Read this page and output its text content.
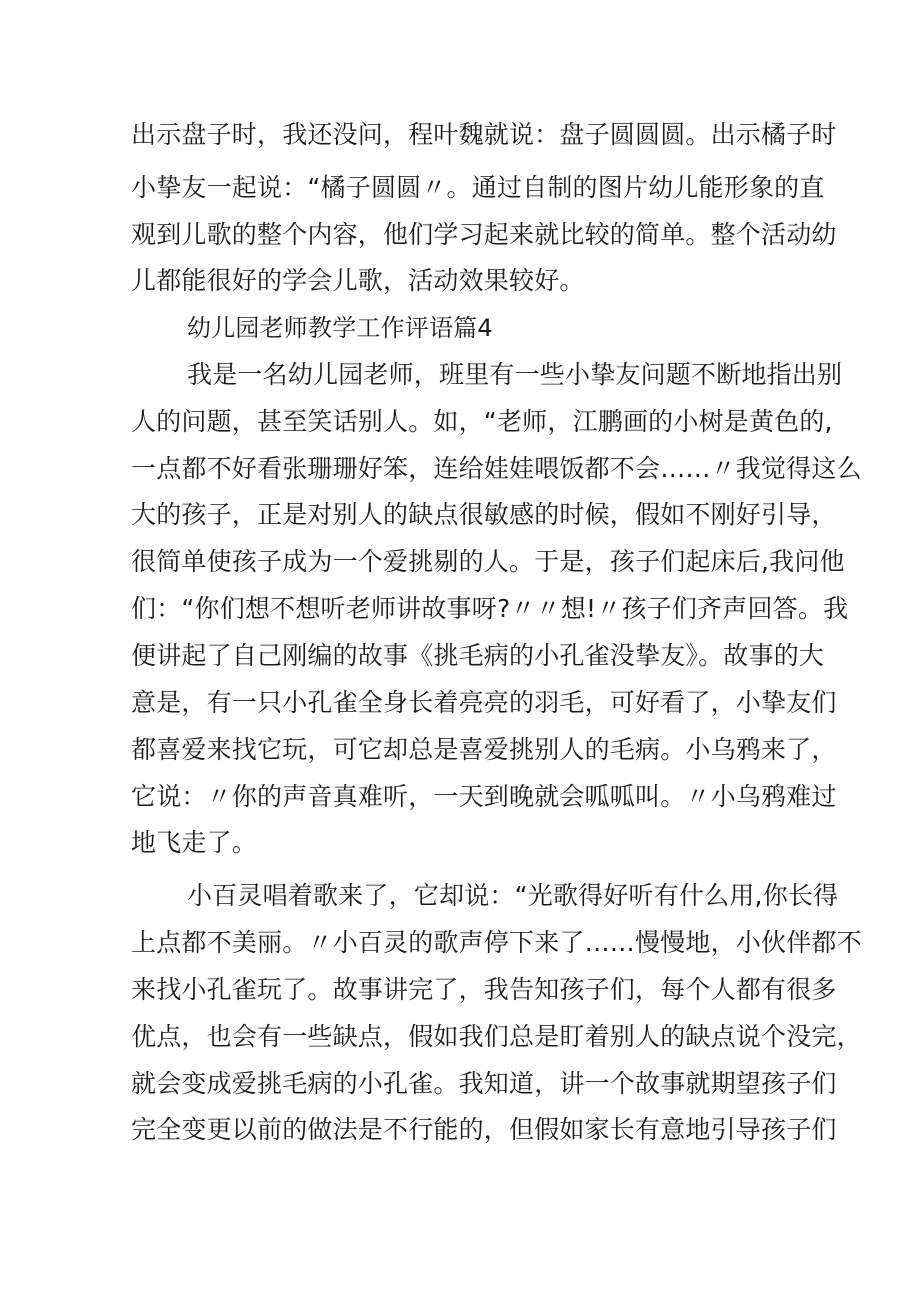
出示盘子时，我还没问，程叶魏就说：盘子圆圆圆。出示橘子时
小挚友一起说：“橘子圆圆〃。通过自制的图片幼儿能形象的直
观到儿歌的整个内容，他们学习起来就比较的简单。整个活动幼
儿都能很好的学会儿歌，活动效果较好。
幼儿园老师教学工作评语篇4
我是一名幼儿园老师，班里有一些小挚友问题不断地指出别
人的问题，甚至笑话别人。如，“老师，江鹏画的小树是黄色的,
一点都不好看张珊珊好笨，连给娃娃喂饭都不会……〃我觉得这么
大的孩子，正是对别人的缺点很敏感的时候，假如不刚好引导，
很简单使孩子成为一个爱挑剔的人。于是，孩子们起床后,我问他
们：“你们想不想听老师讲故事呀?〃〃想!〃孩子们齐声回答。我
便讲起了自己刚编的故事《挑毛病的小孔雀没挚友》。故事的大
意是，有一只小孔雀全身长着亮亮的羽毛，可好看了，小挚友们
都喜爱来找它玩，可它却总是喜爱挑别人的毛病。小乌鸦来了，
它说：〃你的声音真难听，一天到晚就会呱呱叫。〃小乌鸦难过
地飞走了。
小百灵唱着歌来了，它却说：“光歌得好听有什么用,你长得
上点都不美丽。〃小百灵的歌声停下来了……慢慢地，小伙伴都不
来找小孔雀玩了。故事讲完了，我告知孩子们，每个人都有很多
优点，也会有一些缺点，假如我们总是盯着别人的缺点说个没完，
就会变成爱挑毛病的小孔雀。我知道，讲一个故事就期望孩子们
完全变更以前的做法是不行能的，但假如家长有意地引导孩子们
